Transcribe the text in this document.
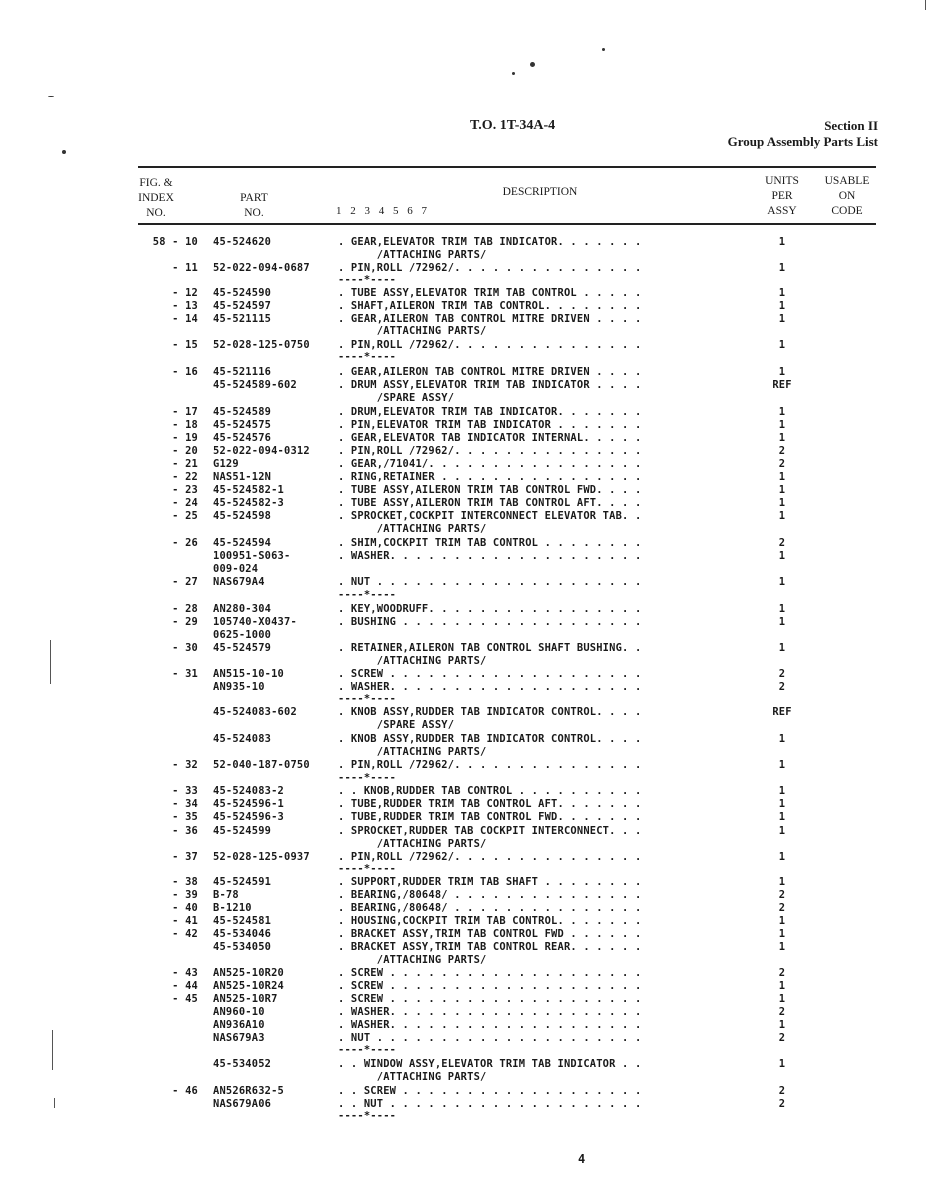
T.O. 1T-34A-4	Section II
Group Assembly Parts List
FIG. &
INDEX
NO.
PART
NO.
DESCRIPTION
1 2 3 4 5 6 7
UNITS
PER
ASSY
USABLE
ON
CODE
58 - 10 45-524620	. GEAR,ELEVATOR TRIM TAB INDICATOR. . . . . . .	1
/ATTACHING PARTS/
- 11 52-022-094-0687	. PIN,ROLL /72962/. . . . . . . . . . . . . . .	1
----*----
- 12 45-524590	. TUBE ASSY,ELEVATOR TRIM TAB CONTROL . . . . .	1
- 13 45-524597	. SHAFT,AILERON TRIM TAB CONTROL. . . . . . . .	1
- 14 45-521115	. GEAR,AILERON TAB CONTROL MITRE DRIVEN . . . .	1
/ATTACHING PARTS/
- 15 52-028-125-0750	. PIN,ROLL /72962/. . . . . . . . . . . . . . .	1
----*----
- 16 45-521116	. GEAR,AILERON TAB CONTROL MITRE DRIVEN . . . .	1
45-524589-602	. DRUM ASSY,ELEVATOR TRIM TAB INDICATOR . . . .	REF
/SPARE ASSY/
- 17 45-524589	. DRUM,ELEVATOR TRIM TAB INDICATOR. . . . . . .	1
- 18 45-524575	. PIN,ELEVATOR TRIM TAB INDICATOR . . . . . . .	1
- 19 45-524576	. GEAR,ELEVATOR TAB INDICATOR INTERNAL. . . . .	1
- 20 52-022-094-0312	. PIN,ROLL /72962/. . . . . . . . . . . . . . .	2
- 21 G129	. GEAR,/71041/. . . . . . . . . . . . . . . . .	2
- 22 NAS51-12N	. RING,RETAINER . . . . . . . . . . . . . . . .	1
- 23 45-524582-1	. TUBE ASSY,AILERON TRIM TAB CONTROL FWD. . . .	1
- 24 45-524582-3	. TUBE ASSY,AILERON TRIM TAB CONTROL AFT. . . .	1
- 25 45-524598	. SPROCKET,COCKPIT INTERCONNECT ELEVATOR TAB. .	1
/ATTACHING PARTS/
- 26 45-524594	. SHIM,COCKPIT TRIM TAB CONTROL . . . . . . . .	2
100951-S063-	. WASHER. . . . . . . . . . . . . . . . . . . .	1
009-024
- 27 NAS679A4	. NUT . . . . . . . . . . . . . . . . . . . . .	1
----*----
- 28 AN280-304	. KEY,WOODRUFF. . . . . . . . . . . . . . . . .	1
- 29 105740-X0437-	. BUSHING . . . . . . . . . . . . . . . . . . .	1
0625-1000
- 30 45-524579	. RETAINER,AILERON TAB CONTROL SHAFT BUSHING. .	1
/ATTACHING PARTS/
- 31 AN515-10-10	. SCREW . . . . . . . . . . . . . . . . . . . .	2
AN935-10	. WASHER. . . . . . . . . . . . . . . . . . . .	2
----*----
45-524083-602	. KNOB ASSY,RUDDER TAB INDICATOR CONTROL. . . .	REF
/SPARE ASSY/
45-524083	. KNOB ASSY,RUDDER TAB INDICATOR CONTROL. . . .	1
/ATTACHING PARTS/
- 32 52-040-187-0750	. PIN,ROLL /72962/. . . . . . . . . . . . . . .	1
----*----
- 33 45-524083-2	. . KNOB,RUDDER TAB CONTROL . . . . . . . . . .	1
- 34 45-524596-1	. TUBE,RUDDER TRIM TAB CONTROL AFT. . . . . . .	1
- 35 45-524596-3	. TUBE,RUDDER TRIM TAB CONTROL FWD. . . . . . .	1
- 36 45-524599	. SPROCKET,RUDDER TAB COCKPIT INTERCONNECT. . .	1
/ATTACHING PARTS/
- 37 52-028-125-0937	. PIN,ROLL /72962/. . . . . . . . . . . . . . .	1
----*----
- 38 45-524591	. SUPPORT,RUDDER TRIM TAB SHAFT . . . . . . . .	1
- 39 B-78	. BEARING,/80648/ . . . . . . . . . . . . . . .	2
- 40 B-1210	. BEARING,/80648/ . . . . . . . . . . . . . . .	2
- 41 45-524581	. HOUSING,COCKPIT TRIM TAB CONTROL. . . . . . .	1
- 42 45-534046	. BRACKET ASSY,TRIM TAB CONTROL FWD . . . . . .	1
45-534050	. BRACKET ASSY,TRIM TAB CONTROL REAR. . . . . .	1
/ATTACHING PARTS/
- 43 AN525-10R20	. SCREW . . . . . . . . . . . . . . . . . . . .	2
- 44 AN525-10R24	. SCREW . . . . . . . . . . . . . . . . . . . .	1
- 45 AN525-10R7	. SCREW . . . . . . . . . . . . . . . . . . . .	1
AN960-10	. WASHER. . . . . . . . . . . . . . . . . . . .	2
AN936A10	. WASHER. . . . . . . . . . . . . . . . . . . .	1
NAS679A3	. NUT . . . . . . . . . . . . . . . . . . . . .	2
----*----
45-534052	. . WINDOW ASSY,ELEVATOR TRIM TAB INDICATOR . .	1
/ATTACHING PARTS/
- 46 AN526R632-5	. . SCREW . . . . . . . . . . . . . . . . . . .	2
NAS679A06	. . NUT . . . . . . . . . . . . . . . . . . . .	2
----*----
4
